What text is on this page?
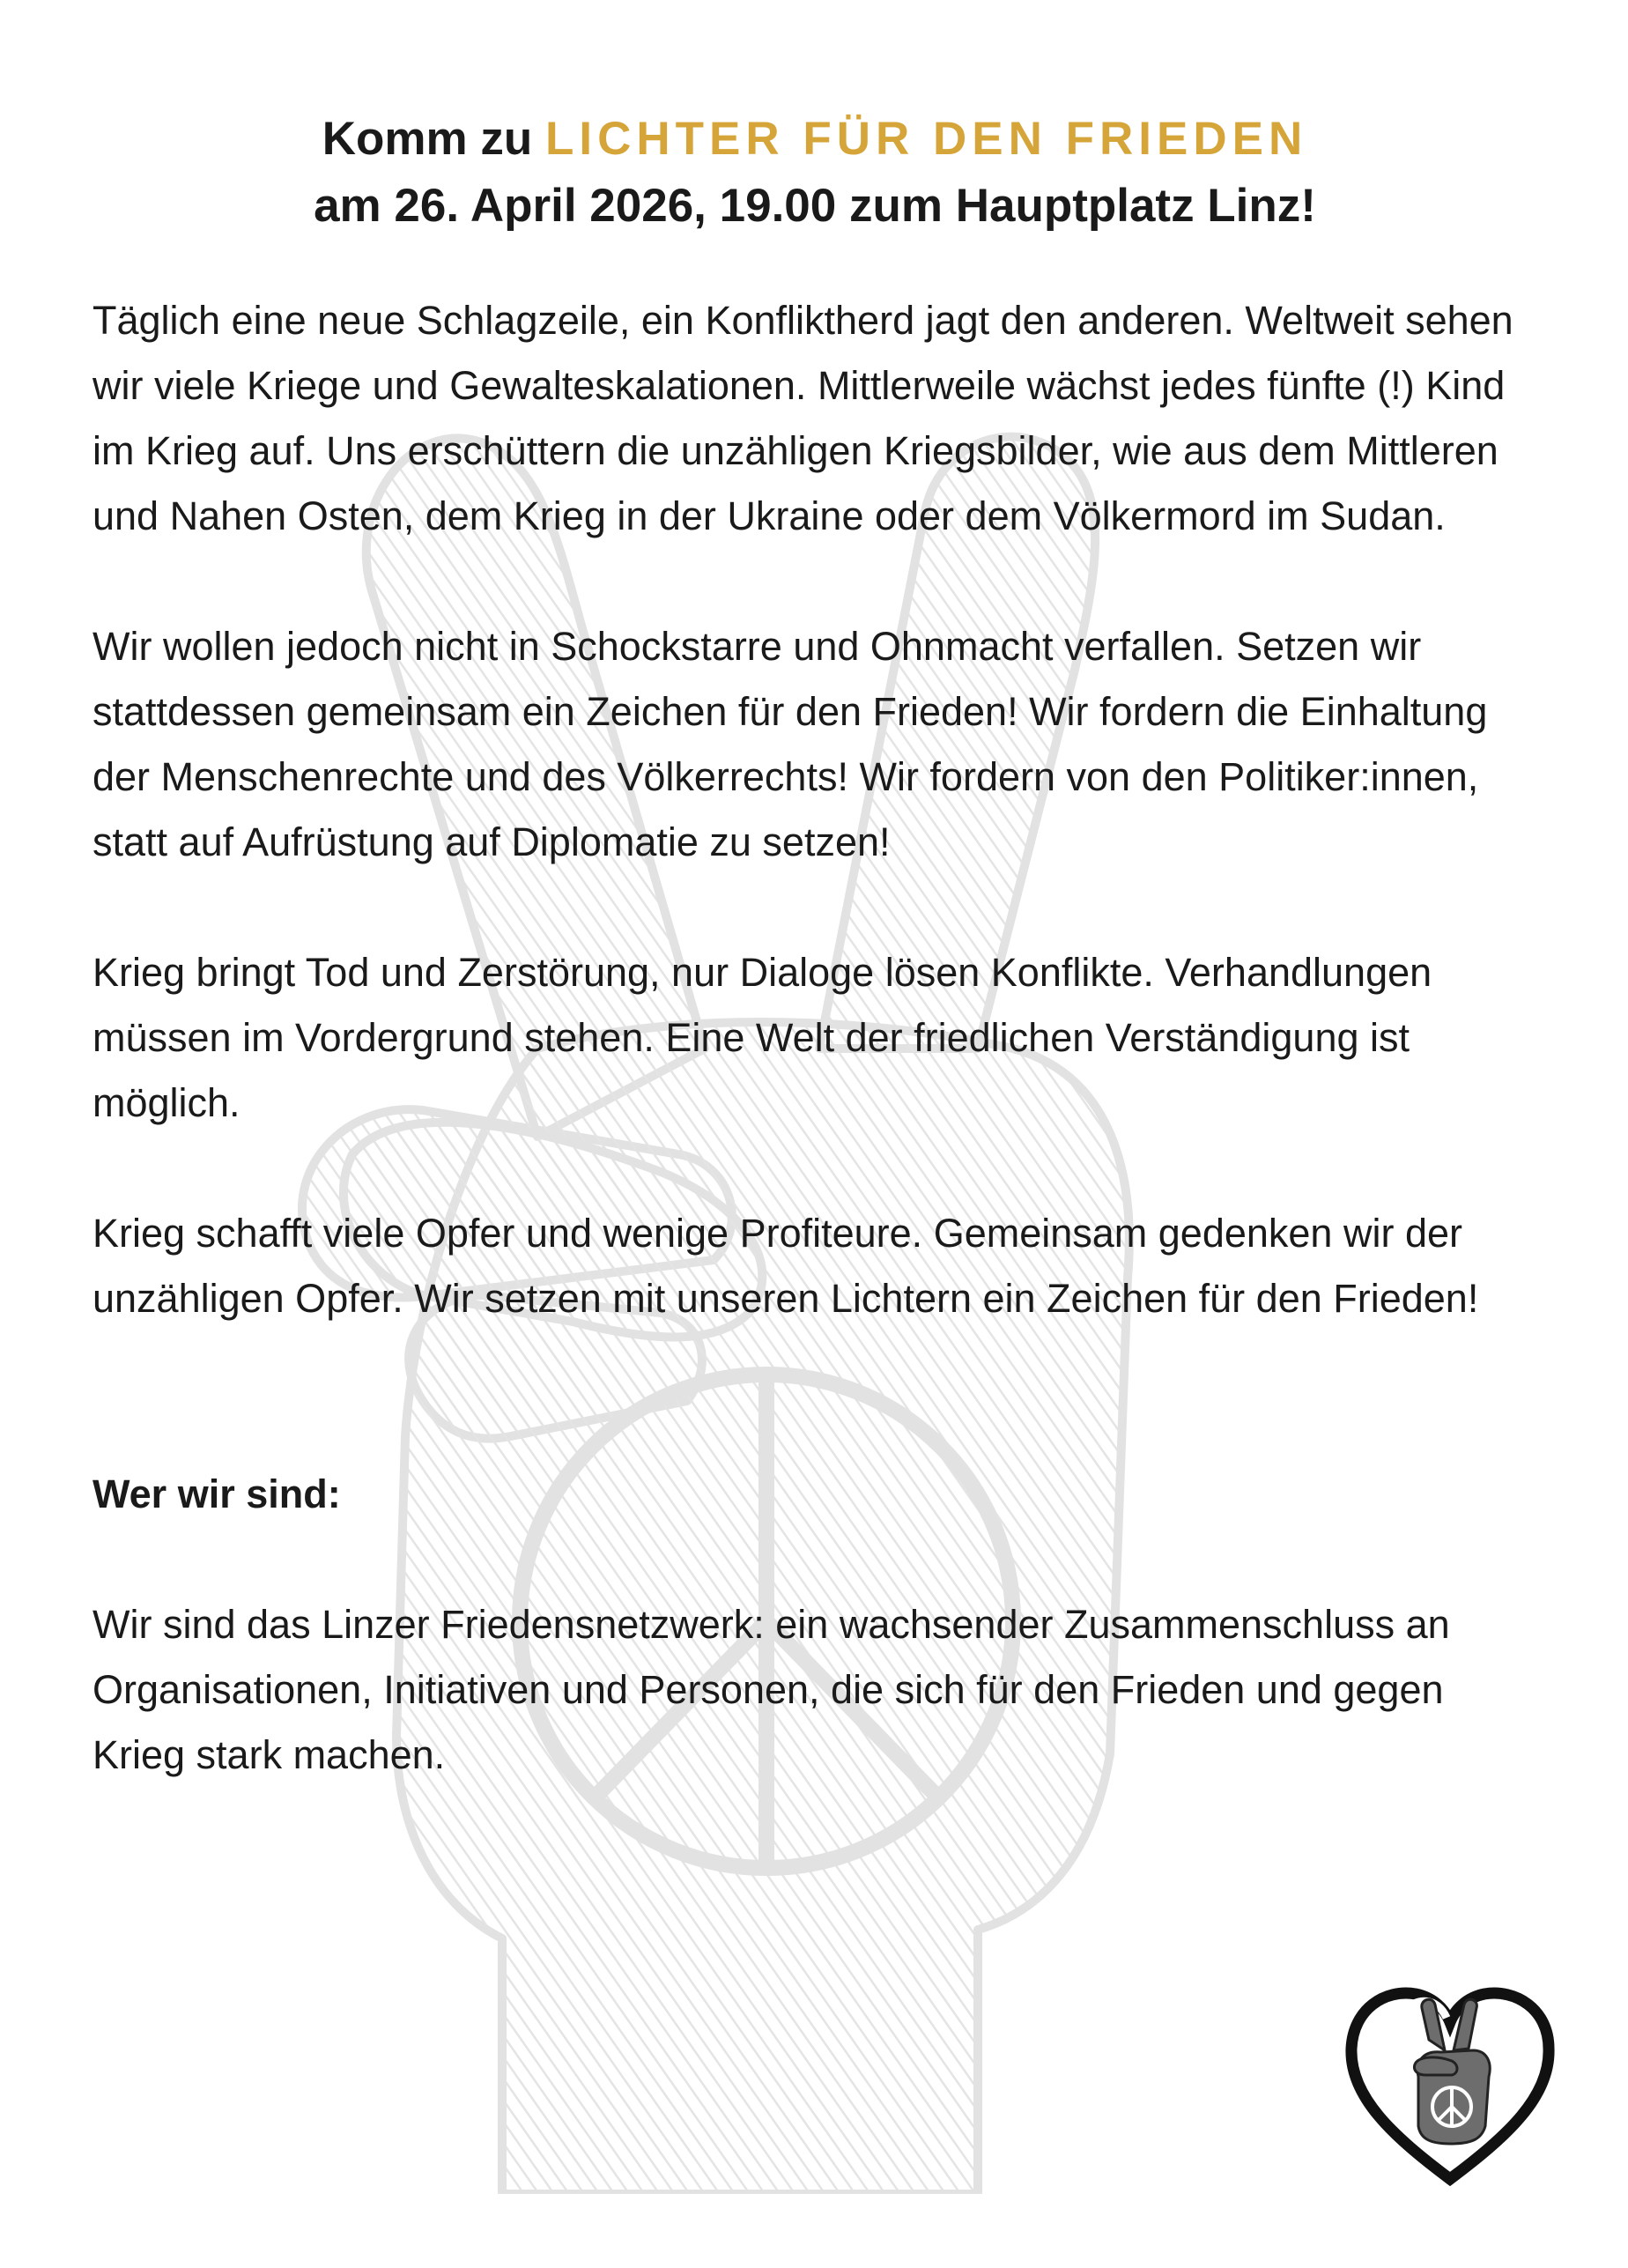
Komm zu LICHTER FÜR DEN FRIEDEN
am 26. April 2026, 19.00 zum Hauptplatz Linz!

Täglich eine neue Schlagzeile, ein Konfliktherd jagt den anderen. Weltweit sehen wir viele Kriege und Gewalteskalationen. Mittlerweile wächst jedes fünfte (!) Kind im Krieg auf. Uns erschüttern die unzähligen Kriegsbilder, wie aus dem Mittleren und Nahen Osten, dem Krieg in der Ukraine oder dem Völkermord im Sudan.

Wir wollen jedoch nicht in Schockstarre und Ohnmacht verfallen. Setzen wir stattdessen gemeinsam ein Zeichen für den Frieden! Wir fordern die Einhaltung der Menschenrechte und des Völkerrechts! Wir fordern von den Politiker:innen, statt auf Aufrüstung auf Diplomatie zu setzen!

Krieg bringt Tod und Zerstörung, nur Dialoge lösen Konflikte. Verhandlungen müssen im Vordergrund stehen. Eine Welt der friedlichen Verständigung ist möglich.

Krieg schafft viele Opfer und wenige Profiteure. Gemeinsam gedenken wir der unzähligen Opfer. Wir setzen mit unseren Lichtern ein Zeichen für den Frieden!

Wer wir sind:

Wir sind das Linzer Friedensnetzwerk: ein wachsender Zusammenschluss an Organisationen, Initiativen und Personen, die sich für den Frieden und gegen Krieg stark machen.
